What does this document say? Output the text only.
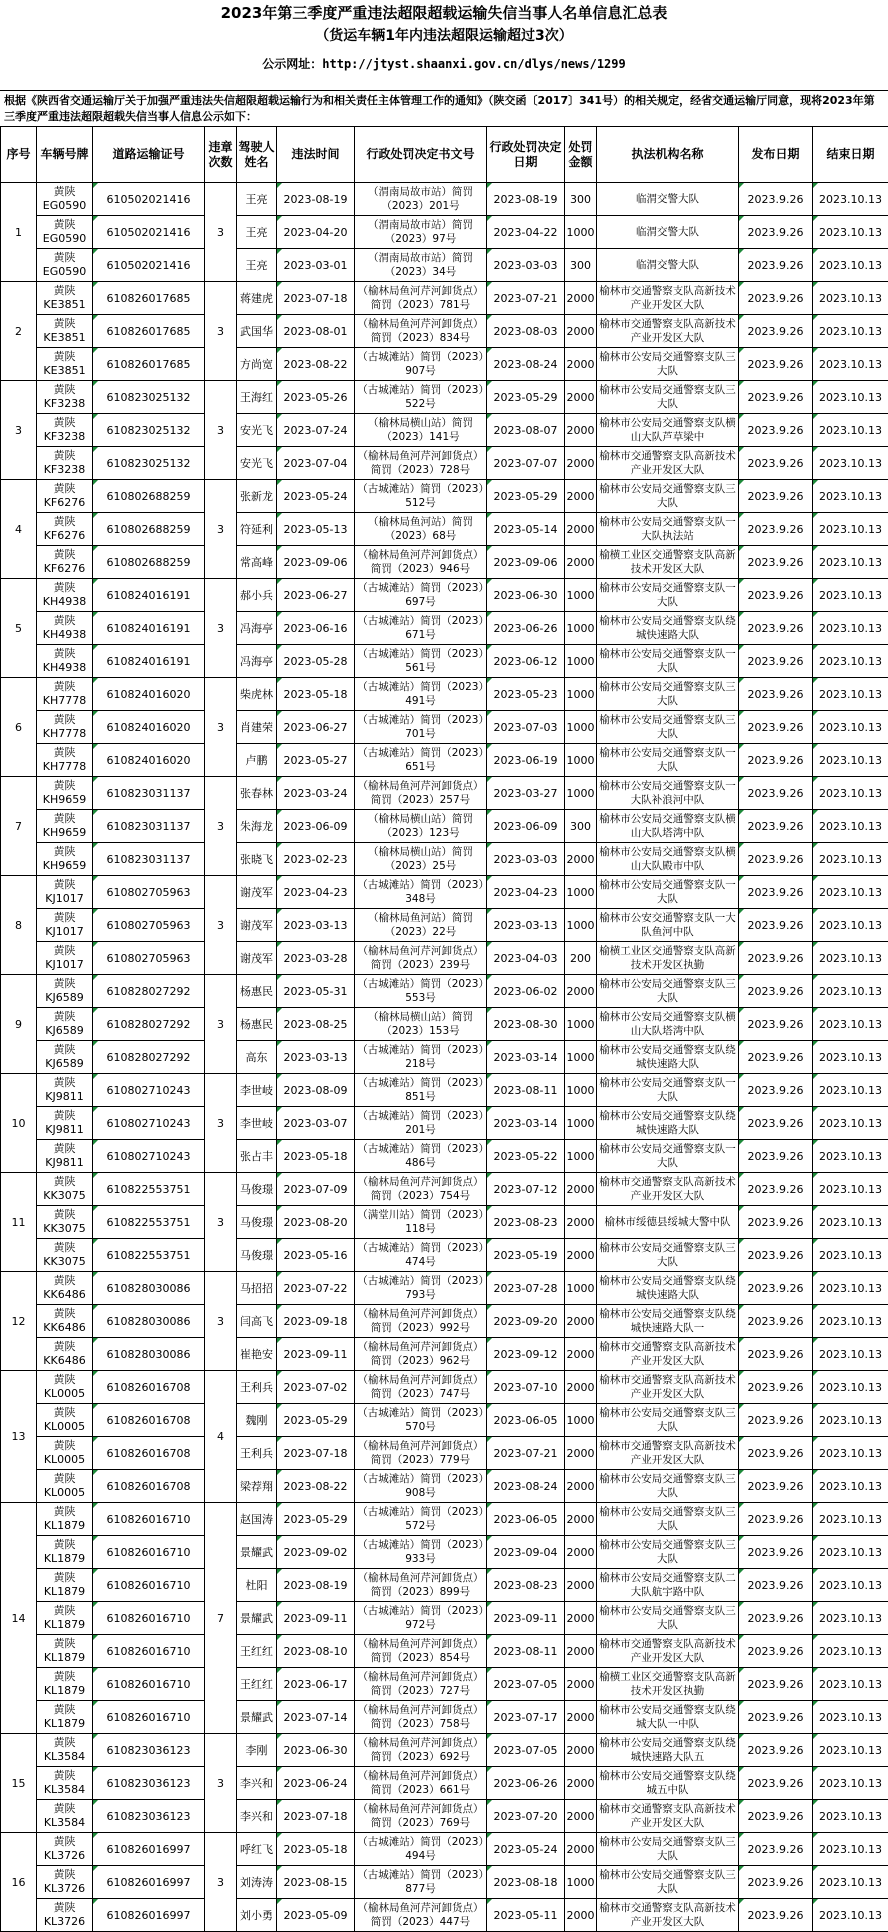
2023年第三季度严重违法超限超载运输失信当事人名单信息汇总表
（货运车辆1年内违法超限运输超过3次）
公示网址：http://jtyst.shaanxi.gov.cn/dlys/news/1299
根据《陕西省交通运输厅关于加强严重违法失信超限超载运输行为和相关责任主体管理工作的通知》（陕交函〔2017〕341号）的相关规定，经省交通运输厅同意，现将2023年第三季度严重违法超限超载失信当事人信息公示如下：
序号	车辆号牌	道路运输证号	违章次数	驾驶人姓名	违法时间	行政处罚决定书文号	行政处罚决定日期	处罚金额	执法机构名称	发布日期	结束日期
1	黄陕EG0590	610502021416	3	王亮	2023-08-19	（渭南局故市站）简罚（2023）201号	2023-08-19	300	临渭交警大队	2023.9.26	2023.10.13
	黄陕EG0590	610502021416		王亮	2023-04-20	（渭南局故市站）简罚（2023）97号	2023-04-22	1000	临渭交警大队	2023.9.26	2023.10.13
	黄陕EG0590	610502021416		王亮	2023-03-01	（渭南局故市站）简罚（2023）34号	2023-03-03	300	临渭交警大队	2023.9.26	2023.10.13
2	黄陕KE3851	610826017685	3	蒋建虎	2023-07-18	（榆林局鱼河芹河卸货点）简罚（2023）781号	2023-07-21	2000	榆林市交通警察支队高新技术产业开发区大队	2023.9.26	2023.10.13
	黄陕KE3851	610826017685		武国华	2023-08-01	（榆林局鱼河芹河卸货点）简罚（2023）834号	2023-08-03	2000	榆林市交通警察支队高新技术产业开发区大队	2023.9.26	2023.10.13
	黄陕KE3851	610826017685		方尚宽	2023-08-22	（古城滩站）简罚（2023）907号	2023-08-24	2000	榆林市公安局交通警察支队三大队	2023.9.26	2023.10.13
3	黄陕KF3238	610823025132	3	王海红	2023-05-26	（古城滩站）简罚（2023）522号	2023-05-29	2000	榆林市公安局交通警察支队三大队	2023.9.26	2023.10.13
	黄陕KF3238	610823025132		安光飞	2023-07-24	（榆林局横山站）简罚（2023）141号	2023-08-07	2000	榆林市公安局交通警察支队横山大队芦草梁中	2023.9.26	2023.10.13
	黄陕KF3238	610823025132		安光飞	2023-07-04	（榆林局鱼河芹河卸货点）简罚（2023）728号	2023-07-07	2000	榆林市交通警察支队高新技术产业开发区大队	2023.9.26	2023.10.13
4	黄陕KF6276	610802688259	3	张新龙	2023-05-24	（古城滩站）简罚（2023）512号	2023-05-29	2000	榆林市公安局交通警察支队三大队	2023.9.26	2023.10.13
	黄陕KF6276	610802688259		符延利	2023-05-13	（榆林局鱼河站）简罚（2023）68号	2023-05-14	2000	榆林市公安局交通警察支队一大队执法站	2023.9.26	2023.10.13
	黄陕KF6276	610802688259		常高峰	2023-09-06	（榆林局鱼河芹河卸货点）简罚（2023）946号	2023-09-06	2000	榆横工业区交通警察支队高新技术开发区大队	2023.9.26	2023.10.13
5	黄陕KH4938	610824016191	3	郝小兵	2023-06-27	（古城滩站）简罚（2023）697号	2023-06-30	1000	榆林市公安局交通警察支队一大队	2023.9.26	2023.10.13
	黄陕KH4938	610824016191		冯海亭	2023-06-16	（古城滩站）简罚（2023）671号	2023-06-26	1000	榆林市公安局交通警察支队绕城快速路大队	2023.9.26	2023.10.13
	黄陕KH4938	610824016191		冯海亭	2023-05-28	（古城滩站）简罚（2023）561号	2023-06-12	1000	榆林市公安局交通警察支队一大队	2023.9.26	2023.10.13
6	黄陕KH7778	610824016020	3	柴虎林	2023-05-18	（古城滩站）简罚（2023）491号	2023-05-23	1000	榆林市公安局交通警察支队三大队	2023.9.26	2023.10.13
	黄陕KH7778	610824016020		肖建荣	2023-06-27	（古城滩站）简罚（2023）701号	2023-07-03	1000	榆林市公安局交通警察支队三大队	2023.9.26	2023.10.13
	黄陕KH7778	610824016020		卢鹏	2023-05-27	（古城滩站）简罚（2023）651号	2023-06-19	1000	榆林市公安局交通警察支队一大队	2023.9.26	2023.10.13
7	黄陕KH9659	610823031137	3	张春林	2023-03-24	（榆林局鱼河芹河卸货点）简罚（2023）257号	2023-03-27	1000	榆林市公安局交通警察支队一大队补浪河中队	2023.9.26	2023.10.13
	黄陕KH9659	610823031137		朱海龙	2023-06-09	（榆林局横山站）简罚（2023）123号	2023-06-09	300	榆林市公安局交通警察支队横山大队塔湾中队	2023.9.26	2023.10.13
	黄陕KH9659	610823031137		张晓飞	2023-02-23	（榆林局横山站）简罚（2023）25号	2023-03-03	2000	榆林市公安局交通警察支队横山大队殿市中队	2023.9.26	2023.10.13
8	黄陕KJ1017	610802705963	3	谢茂军	2023-04-23	（古城滩站）简罚（2023）348号	2023-04-23	1000	榆林市公安局交通警察支队一大队	2023.9.26	2023.10.13
	黄陕KJ1017	610802705963		谢茂军	2023-03-13	（榆林局鱼河站）简罚（2023）22号	2023-03-13	1000	榆林市公安交通警察支队一大队鱼河中队	2023.9.26	2023.10.13
	黄陕KJ1017	610802705963		谢茂军	2023-03-28	（榆林局鱼河芹河卸货点）简罚（2023）239号	2023-04-03	200	榆横工业区交通警察支队高新技术开发区执勤	2023.9.26	2023.10.13
9	黄陕KJ6589	610828027292	3	杨惠民	2023-05-31	（古城滩站）简罚（2023）553号	2023-06-02	2000	榆林市公安局交通警察支队三大队	2023.9.26	2023.10.13
	黄陕KJ6589	610828027292		杨惠民	2023-08-25	（榆林局横山站）简罚（2023）153号	2023-08-30	1000	榆林市公安局交通警察支队横山大队塔湾中队	2023.9.26	2023.10.13
	黄陕KJ6589	610828027292		高东	2023-03-13	（古城滩站）简罚（2023）218号	2023-03-14	1000	榆林市公安局交通警察支队绕城快速路大队	2023.9.26	2023.10.13
10	黄陕KJ9811	610802710243	3	李世岐	2023-08-09	（古城滩站）简罚（2023）851号	2023-08-11	1000	榆林市公安局交通警察支队一大队	2023.9.26	2023.10.13
	黄陕KJ9811	610802710243		李世岐	2023-03-07	（古城滩站）简罚（2023）201号	2023-03-14	1000	榆林市公安局交通警察支队绕城快速路大队	2023.9.26	2023.10.13
	黄陕KJ9811	610802710243		张占丰	2023-05-18	（古城滩站）简罚（2023）486号	2023-05-22	1000	榆林市公安局交通警察支队一大队	2023.9.26	2023.10.13
11	黄陕KK3075	610822553751	3	马俊璟	2023-07-09	（榆林局鱼河芹河卸货点）简罚（2023）754号	2023-07-12	2000	榆林市交通警察支队高新技术产业开发区大队	2023.9.26	2023.10.13
	黄陕KK3075	610822553751		马俊璟	2023-08-20	（满堂川站）简罚（2023）118号	2023-08-23	2000	榆林市绥德县绥城大警中队	2023.9.26	2023.10.13
	黄陕KK3075	610822553751		马俊璟	2023-05-16	（古城滩站）简罚（2023）474号	2023-05-19	2000	榆林市公安局交通警察支队三大队	2023.9.26	2023.10.13
12	黄陕KK6486	610828030086	3	马招招	2023-07-22	（古城滩站）简罚（2023）793号	2023-07-28	1000	榆林市公安局交通警察支队绕城快速路大队	2023.9.26	2023.10.13
	黄陕KK6486	610828030086		闫高飞	2023-09-18	（榆林局鱼河芹河卸货点）简罚（2023）992号	2023-09-20	2000	榆林市公安局交通警察支队绕城快速路大队一	2023.9.26	2023.10.13
	黄陕KK6486	610828030086		崔艳安	2023-09-11	（榆林局鱼河芹河卸货点）简罚（2023）962号	2023-09-12	2000	榆林市交通警察支队高新技术产业开发区大队	2023.9.26	2023.10.13
13	黄陕KL0005	610826016708	4	王利兵	2023-07-02	（榆林局鱼河芹河卸货点）简罚（2023）747号	2023-07-10	2000	榆林市交通警察支队高新技术产业开发区大队	2023.9.26	2023.10.13
	黄陕KL0005	610826016708		魏刚	2023-05-29	（古城滩站）简罚（2023）570号	2023-06-05	1000	榆林市公安局交通警察支队三大队	2023.9.26	2023.10.13
	黄陕KL0005	610826016708		王利兵	2023-07-18	（榆林局鱼河芹河卸货点）简罚（2023）779号	2023-07-21	2000	榆林市交通警察支队高新技术产业开发区大队	2023.9.26	2023.10.13
	黄陕KL0005	610826016708		梁荐翔	2023-08-22	（古城滩站）简罚（2023）908号	2023-08-24	2000	榆林市公安局交通警察支队三大队	2023.9.26	2023.10.13
14	黄陕KL1879	610826016710	7	赵国涛	2023-05-29	（古城滩站）简罚（2023）572号	2023-06-05	2000	榆林市公安局交通警察支队三大队	2023.9.26	2023.10.13
	黄陕KL1879	610826016710		景耀武	2023-09-02	（古城滩站）简罚（2023）933号	2023-09-04	2000	榆林市公安局交通警察支队三大队	2023.9.26	2023.10.13
	黄陕KL1879	610826016710		杜阳	2023-08-19	（榆林局鱼河芹河卸货点）简罚（2023）899号	2023-08-23	2000	榆林市公安局交通警察支队二大队航宇路中队	2023.9.26	2023.10.13
	黄陕KL1879	610826016710		景耀武	2023-09-11	（古城滩站）简罚（2023）972号	2023-09-11	2000	榆林市公安局交通警察支队三大队	2023.9.26	2023.10.13
	黄陕KL1879	610826016710		王红红	2023-08-10	（榆林局鱼河芹河卸货点）简罚（2023）854号	2023-08-11	2000	榆林市交通警察支队高新技术产业开发区大队	2023.9.26	2023.10.13
	黄陕KL1879	610826016710		王红红	2023-06-17	（榆林局鱼河芹河卸货点）简罚（2023）727号	2023-07-05	2000	榆横工业区交通警察支队高新技术开发区执勤	2023.9.26	2023.10.13
	黄陕KL1879	610826016710		景耀武	2023-07-14	（榆林局鱼河芹河卸货点）简罚（2023）758号	2023-07-17	2000	榆林市公安局交通警察支队绕城大队一中队	2023.9.26	2023.10.13
15	黄陕KL3584	610823036123	3	李刚	2023-06-30	（榆林局鱼河芹河卸货点）简罚（2023）692号	2023-07-05	2000	榆林市公安局交通警察支队绕城快速路大队五	2023.9.26	2023.10.13
	黄陕KL3584	610823036123		李兴和	2023-06-24	（榆林局鱼河芹河卸货点）简罚（2023）661号	2023-06-26	2000	榆林市公安局交通警察支队绕城五中队	2023.9.26	2023.10.13
	黄陕KL3584	610823036123		李兴和	2023-07-18	（榆林局鱼河芹河卸货点）简罚（2023）769号	2023-07-20	2000	榆林市交通警察支队高新技术产业开发区大队	2023.9.26	2023.10.13
16	黄陕KL3726	610826016997	3	呼红飞	2023-05-18	（古城滩站）简罚（2023）494号	2023-05-24	2000	榆林市公安局交通警察支队三大队	2023.9.26	2023.10.13
	黄陕KL3726	610826016997		刘涛涛	2023-08-15	（古城滩站）简罚（2023）877号	2023-08-18	1000	榆林市公安局交通警察支队三大队	2023.9.26	2023.10.13
	黄陕KL3726	610826016997		刘小勇	2023-05-09	（榆林局鱼河芹河卸货点）简罚（2023）447号	2023-05-11	2000	榆林市交通警察支队高新技术产业开发区大队	2023.9.26	2023.10.13
